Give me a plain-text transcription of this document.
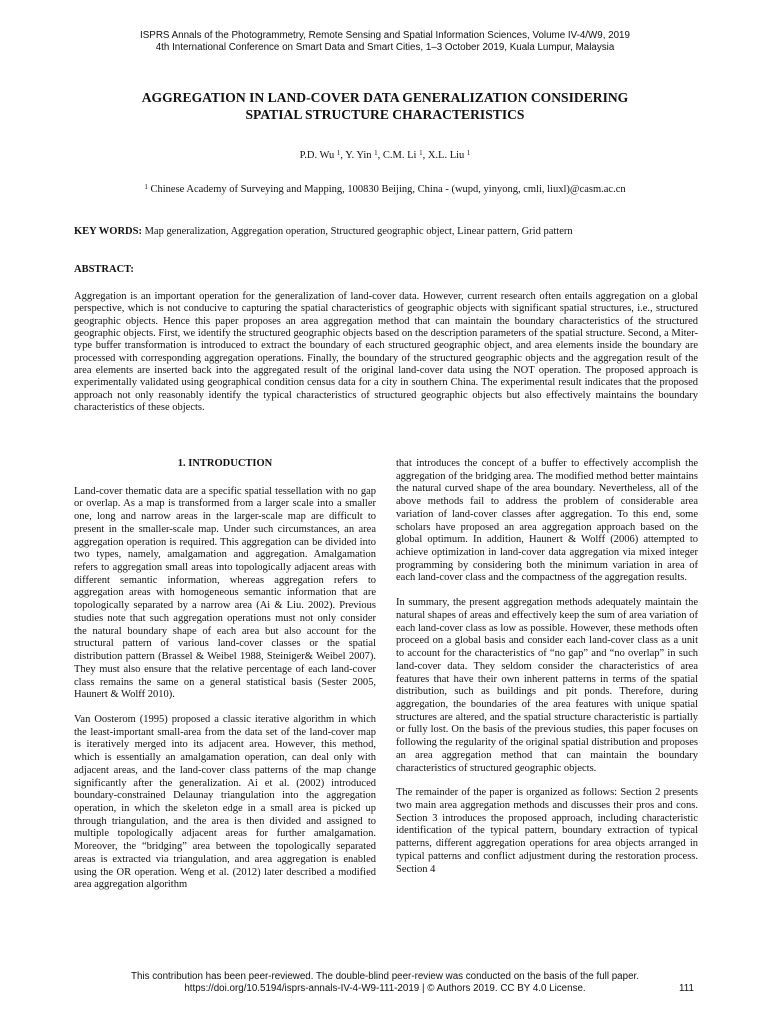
ISPRS Annals of the Photogrammetry, Remote Sensing and Spatial Information Sciences, Volume IV-4/W9, 2019
4th International Conference on Smart Data and Smart Cities, 1–3 October 2019, Kuala Lumpur, Malaysia
AGGREGATION IN LAND-COVER DATA GENERALIZATION CONSIDERING
SPATIAL STRUCTURE CHARACTERISTICS
P.D. Wu $^1$, Y. Yin $^1$, C.M. Li $^1$, X.L. Liu $^1$
$^1$ Chinese Academy of Surveying and Mapping, 100830 Beijing, China - (wupd, yinyong, cmli, liuxl)@casm.ac.cn
KEY WORDS: Map generalization, Aggregation operation, Structured geographic object, Linear pattern, Grid pattern
ABSTRACT:
Aggregation is an important operation for the generalization of land-cover data. However, current research often entails aggregation on a global perspective, which is not conducive to capturing the spatial characteristics of geographic objects with significant spatial structures, i.e., structured geographic objects. Hence this paper proposes an area aggregation method that can maintain the boundary characteristics of the structured geographic objects. First, we identify the structured geographic objects based on the description parameters of the spatial structure. Second, a Miter-type buffer transformation is introduced to extract the boundary of each structured geographic object, and area elements inside the boundary are processed with corresponding aggregation operations. Finally, the boundary of the structured geographic objects and the aggregation result of the area elements are inserted back into the aggregated result of the original land-cover data using the NOT operation. The proposed approach is experimentally validated using geographical condition census data for a city in southern China. The experimental result indicates that the proposed approach not only reasonably identify the typical characteristics of structured geographic objects but also effectively maintains the boundary characteristics of these objects.

1. INTRODUCTION

Land-cover thematic data are a specific spatial tessellation with no gap or overlap. As a map is transformed from a larger scale into a smaller one, long and narrow areas in the larger-scale map are difficult to present in the smaller-scale map. Under such circumstances, an area aggregation operation is required. This aggregation can be divided into two types, namely, amalgamation and aggregation. Amalgamation refers to aggregation small areas into topologically adjacent areas with different semantic information, whereas aggregation refers to aggregation areas with homogeneous semantic information that are topologically separated by a narrow area (Ai & Liu. 2002). Previous studies note that such aggregation operations must not only consider the natural boundary shape of each area but also account for the structural pattern of various land-cover classes or the spatial distribution pattern (Brassel & Weibel 1988, Steiniger& Weibel 2007). They must also ensure that the relative percentage of each land-cover class remains the same on a general statistical basis (Sester 2005, Haunert & Wolff 2010).

Van Oosterom (1995) proposed a classic iterative algorithm in which the least-important small-area from the data set of the land-cover map is iteratively merged into its adjacent area. However, this method, which is essentially an amalgamation operation, can deal only with adjacent areas, and the land-cover class patterns of the map change significantly after the generalization. Ai et al. (2002) introduced boundary-constrained Delaunay triangulation into the aggregation operation, in which the skeleton edge in a small area is picked up through triangulation, and the area is then divided and assigned to multiple topologically adjacent areas for further amalgamation. Moreover, the “bridging” area between the topologically separated areas is extracted via triangulation, and area aggregation is enabled using the OR operation. Weng et al. (2012) later described a modified area aggregation algorithm

that introduces the concept of a buffer to effectively accomplish the aggregation of the bridging area. The modified method better maintains the natural curved shape of the area boundary. Nevertheless, all of the above methods fail to address the problem of considerable area variation of land-cover classes after aggregation. To this end, some scholars have proposed an area aggregation approach based on the global optimum. In addition, Haunert & Wolff (2006) attempted to achieve optimization in land-cover data aggregation via mixed integer programming by considering both the minimum variation in area of each land-cover class and the compactness of the aggregation results.

In summary, the present aggregation methods adequately maintain the natural shapes of areas and effectively keep the sum of area variation of each land-cover class as low as possible. However, these methods often proceed on a global basis and consider each land-cover class as a unit to account for the characteristics of “no gap” and “no overlap” in such land-cover data. They seldom consider the characteristics of area features that have their own inherent patterns in terms of the spatial distribution, such as buildings and pit ponds. Therefore, during aggregation, the boundaries of the area features with unique spatial structures are altered, and the spatial structure characteristic is partially or fully lost. On the basis of the previous studies, this paper focuses on following the regularity of the original spatial distribution and proposes an area aggregation method that can maintain the boundary characteristics of structured geographic objects.

The remainder of the paper is organized as follows: Section 2 presents two main area aggregation methods and discusses their pros and cons. Section 3 introduces the proposed approach, including characteristic identification of the typical pattern, boundary extraction of typical patterns, different aggregation operations for area objects arranged in typical patterns and conflict adjustment during the restoration process. Section 4

This contribution has been peer-reviewed. The double-blind peer-review was conducted on the basis of the full paper.
https://doi.org/10.5194/isprs-annals-IV-4-W9-111-2019 | © Authors 2019. CC BY 4.0 License.	111
